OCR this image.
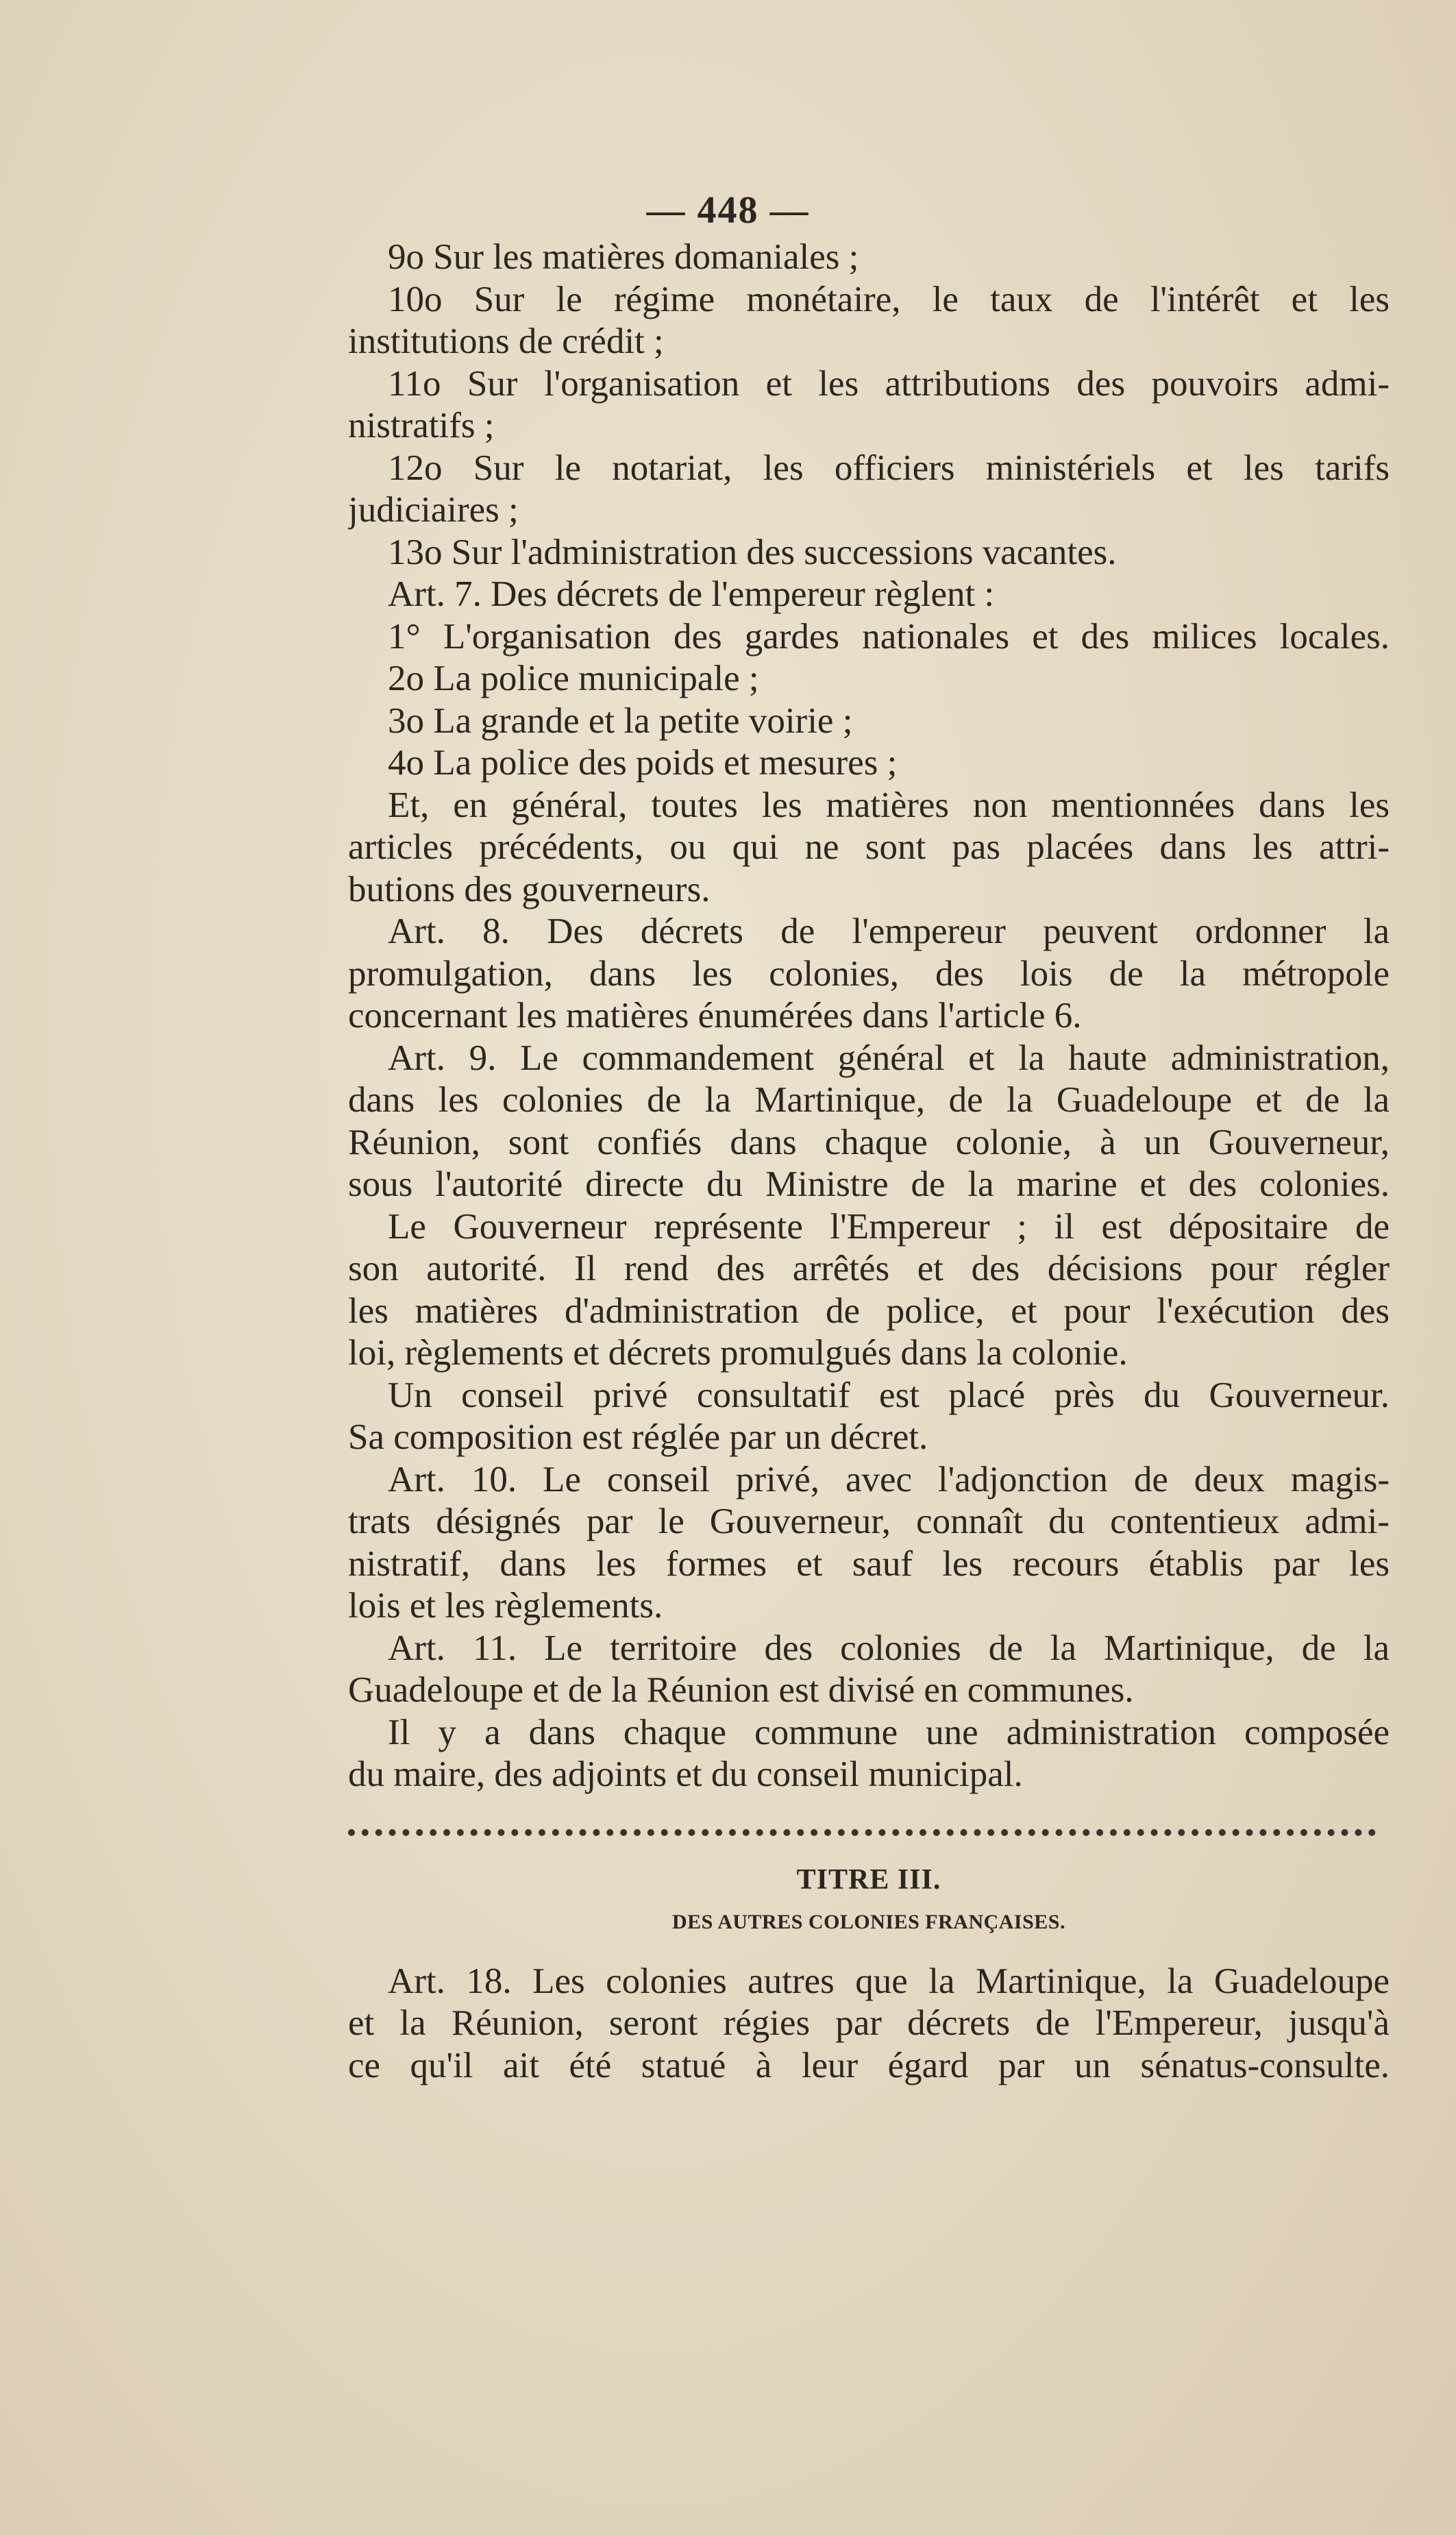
— 448 —
9o Sur les matières domaniales ;
10o Sur le régime monétaire, le taux de l'intérêt et les
institutions de crédit ;
11o Sur l'organisation et les attributions des pouvoirs admi-
nistratifs ;
12o Sur le notariat, les officiers ministériels et les tarifs
judiciaires ;
13o Sur l'administration des successions vacantes.
Art. 7. Des décrets de l'empereur règlent :
1° L'organisation des gardes nationales et des milices locales.
2o La police municipale ;
3o La grande et la petite voirie ;
4o La police des poids et mesures ;
Et, en général, toutes les matières non mentionnées dans les
articles précédents, ou qui ne sont pas placées dans les attri-
butions des gouverneurs.
Art. 8. Des décrets de l'empereur peuvent ordonner la
promulgation, dans les colonies, des lois de la métropole
concernant les matières énumérées dans l'article 6.
Art. 9. Le commandement général et la haute administration,
dans les colonies de la Martinique, de la Guadeloupe et de la
Réunion, sont confiés dans chaque colonie, à un Gouverneur,
sous l'autorité directe du Ministre de la marine et des colonies.
Le Gouverneur représente l'Empereur ; il est dépositaire de
son autorité. Il rend des arrêtés et des décisions pour régler
les matières d'administration de police, et pour l'exécution des
loi, règlements et décrets promulgués dans la colonie.
Un conseil privé consultatif est placé près du Gouverneur.
Sa composition est réglée par un décret.
Art. 10. Le conseil privé, avec l'adjonction de deux magis-
trats désignés par le Gouverneur, connaît du contentieux admi-
nistratif, dans les formes et sauf les recours établis par les
lois et les règlements.
Art. 11. Le territoire des colonies de la Martinique, de la
Guadeloupe et de la Réunion est divisé en communes.
Il y a dans chaque commune une administration composée
du maire, des adjoints et du conseil municipal.
TITRE III.
DES AUTRES COLONIES FRANÇAISES.
Art. 18. Les colonies autres que la Martinique, la Guadeloupe
et la Réunion, seront régies par décrets de l'Empereur, jusqu'à
ce qu'il ait été statué à leur égard par un sénatus-consulte.
